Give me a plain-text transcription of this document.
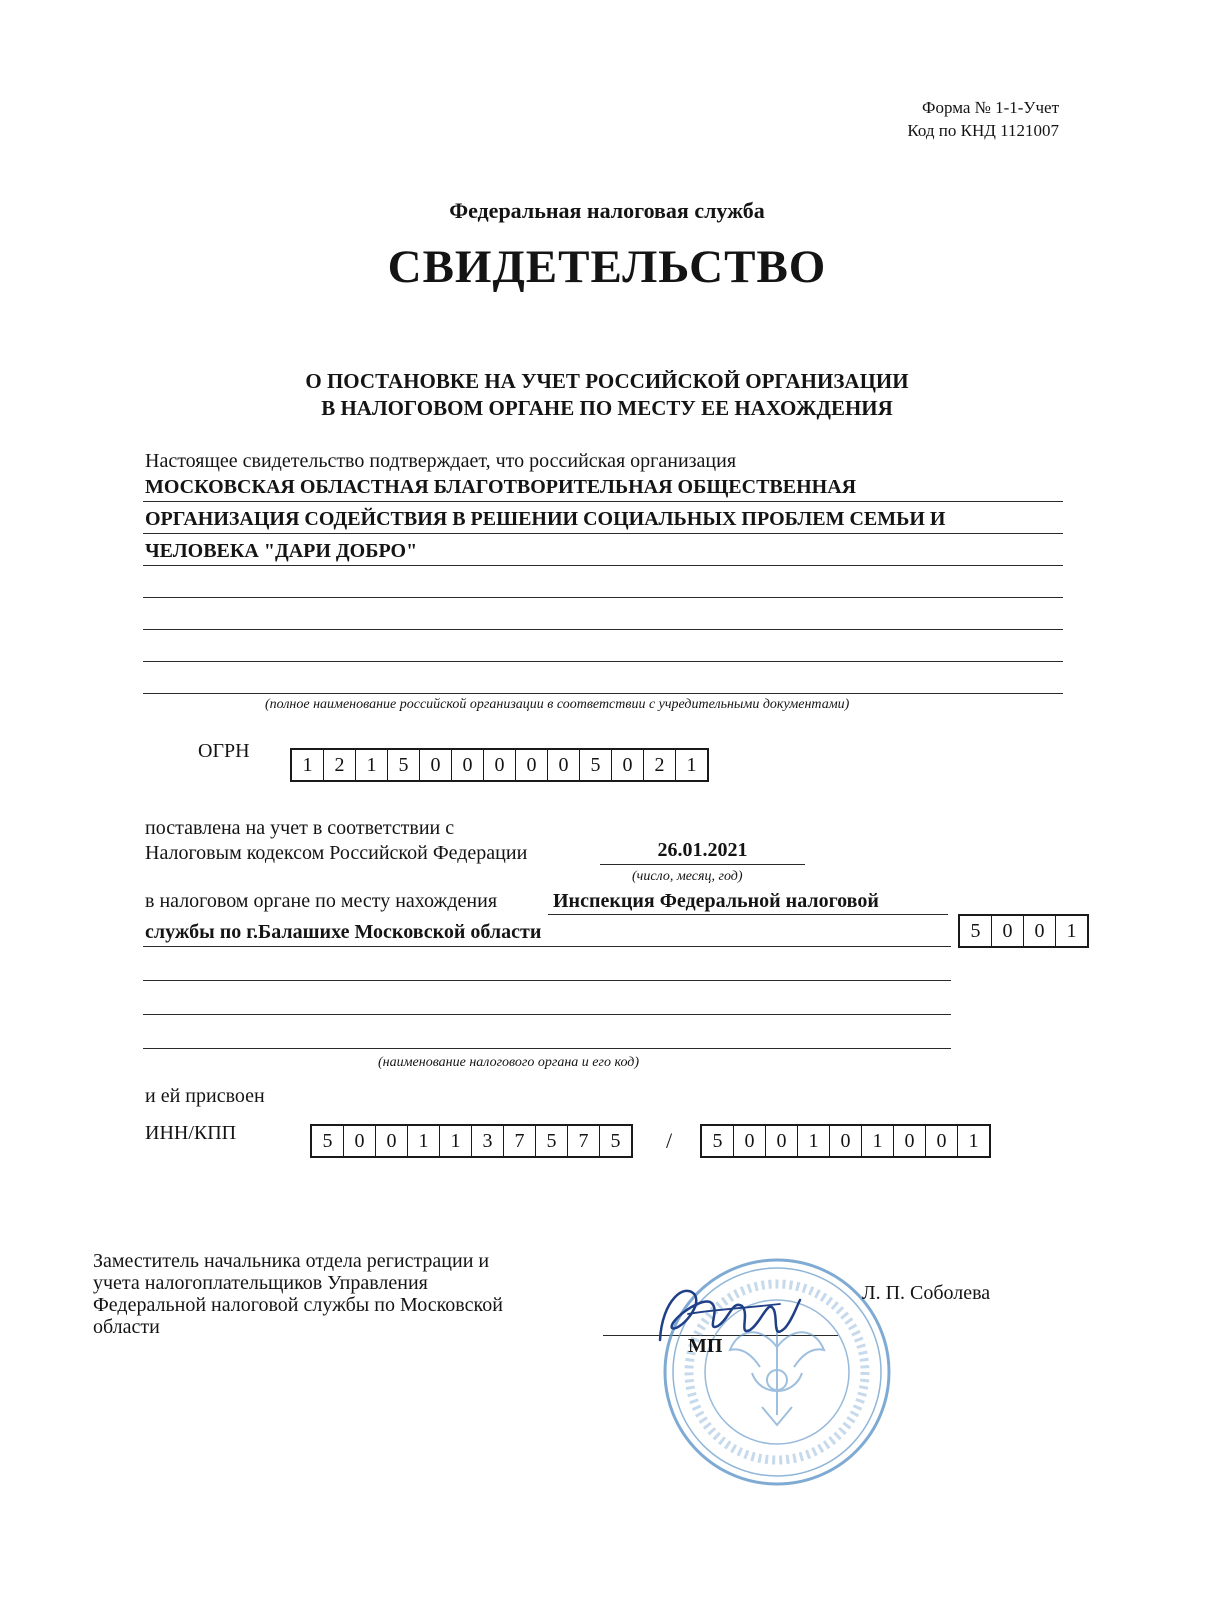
Форма № 1-1-Учет
Код по КНД 1121007
Федеральная налоговая служба
СВИДЕТЕЛЬСТВО
О ПОСТАНОВКЕ НА УЧЕТ РОССИЙСКОЙ ОРГАНИЗАЦИИ
В НАЛОГОВОМ ОРГАНЕ ПО МЕСТУ ЕЕ НАХОЖДЕНИЯ
Настоящее свидетельство подтверждает, что российская организация
МОСКОВСКАЯ ОБЛАСТНАЯ БЛАГОТВОРИТЕЛЬНАЯ ОБЩЕСТВЕННАЯ
ОРГАНИЗАЦИЯ СОДЕЙСТВИЯ В РЕШЕНИИ СОЦИАЛЬНЫХ ПРОБЛЕМ СЕМЬИ И
ЧЕЛОВЕКА "ДАРИ ДОБРО"
(полное наименование российской организации в соответствии с учредительными документами)
ОГРН
1	2	1	5	0	0	0	0	0	5	0	2	1
поставлена на учет в соответствии с
Налоговым кодексом Российской Федерации	26.01.2021
(число, месяц, год)
в налоговом органе по месту нахождения	Инспекция Федеральной налоговой
службы по г.Балашихе Московской области	5	0	0	1
(наименование налогового органа и его код)
и ей присвоен
ИНН/КПП	5	0	0	1	1	3	7	5	7	5	/	5	0	0	1	0	1	0	0	1
Заместитель начальника отдела регистрации и
учета налогоплательщиков Управления
Федеральной налоговой службы по Московской
области
МП
Л. П. Соболева
